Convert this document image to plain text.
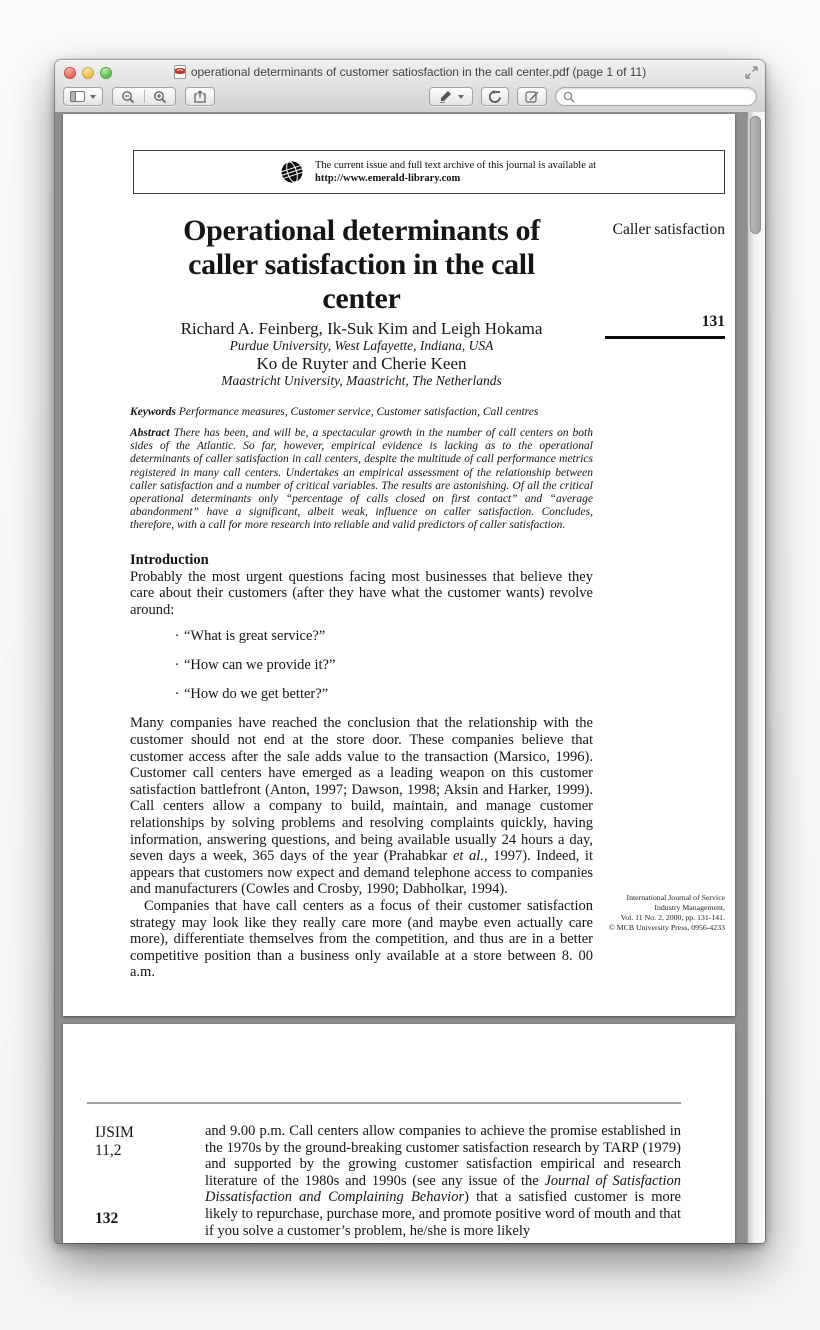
operational determinants of customer satiosfaction in the call center.pdf (page 1 of 11)
The current issue and full text archive of this journal is available at
http://www.emerald-library.com
Caller satisfaction
131
Operational determinants of
caller satisfaction in the call
center
Richard A. Feinberg, Ik-Suk Kim and Leigh Hokama
Purdue University, West Lafayette, Indiana, USA
Ko de Ruyter and Cherie Keen
Maastricht University, Maastricht, The Netherlands
Keywords Performance measures, Customer service, Customer satisfaction, Call centres
Abstract There has been, and will be, a spectacular growth in the number of call centers on both sides of the Atlantic. So far, however, empirical evidence is lacking as to the operational determinants of caller satisfaction in call centers, despite the multitude of call performance metrics registered in many call centers. Undertakes an empirical assessment of the relationship between caller satisfaction and a number of critical variables. The results are astonishing. Of all the critical operational determinants only “percentage of calls closed on first contact” and “average abandonment” have a significant, albeit weak, influence on caller satisfaction. Concludes, therefore, with a call for more research into reliable and valid predictors of caller satisfaction.
Introduction
Probably the most urgent questions facing most businesses that believe they care about their customers (after they have what the customer wants) revolve around:
· “What is great service?”
· “How can we provide it?”
· “How do we get better?”
Many companies have reached the conclusion that the relationship with the customer should not end at the store door. These companies believe that customer access after the sale adds value to the transaction (Marsico, 1996). Customer call centers have emerged as a leading weapon on this customer satisfaction battlefront (Anton, 1997; Dawson, 1998; Aksin and Harker, 1999). Call centers allow a company to build, maintain, and manage customer relationships by solving problems and resolving complaints quickly, having information, answering questions, and being available usually 24 hours a day, seven days a week, 365 days of the year (Prahabkar et al., 1997). Indeed, it appears that customers now expect and demand telephone access to companies and manufacturers (Cowles and Crosby, 1990; Dabholkar, 1994).
Companies that have call centers as a focus of their customer satisfaction strategy may look like they really care more (and maybe even actually care more), differentiate themselves from the competition, and thus are in a better competitive position than a business only available at a store between 8. 00 a.m.
International Journal of Service
Industry Management,
Vol. 11 No. 2, 2000, pp. 131-141.
© MCB University Press, 0956-4233
IJSIM
11,2
132
and 9.00 p.m. Call centers allow companies to achieve the promise established in the 1970s by the ground-breaking customer satisfaction research by TARP (1979) and supported by the growing customer satisfaction empirical and research literature of the 1980s and 1990s (see any issue of the Journal of Satisfaction Dissatisfaction and Complaining Behavior) that a satisfied customer is more likely to repurchase, purchase more, and promote positive word of mouth and that if you solve a customer’s problem, he/she is more likely
